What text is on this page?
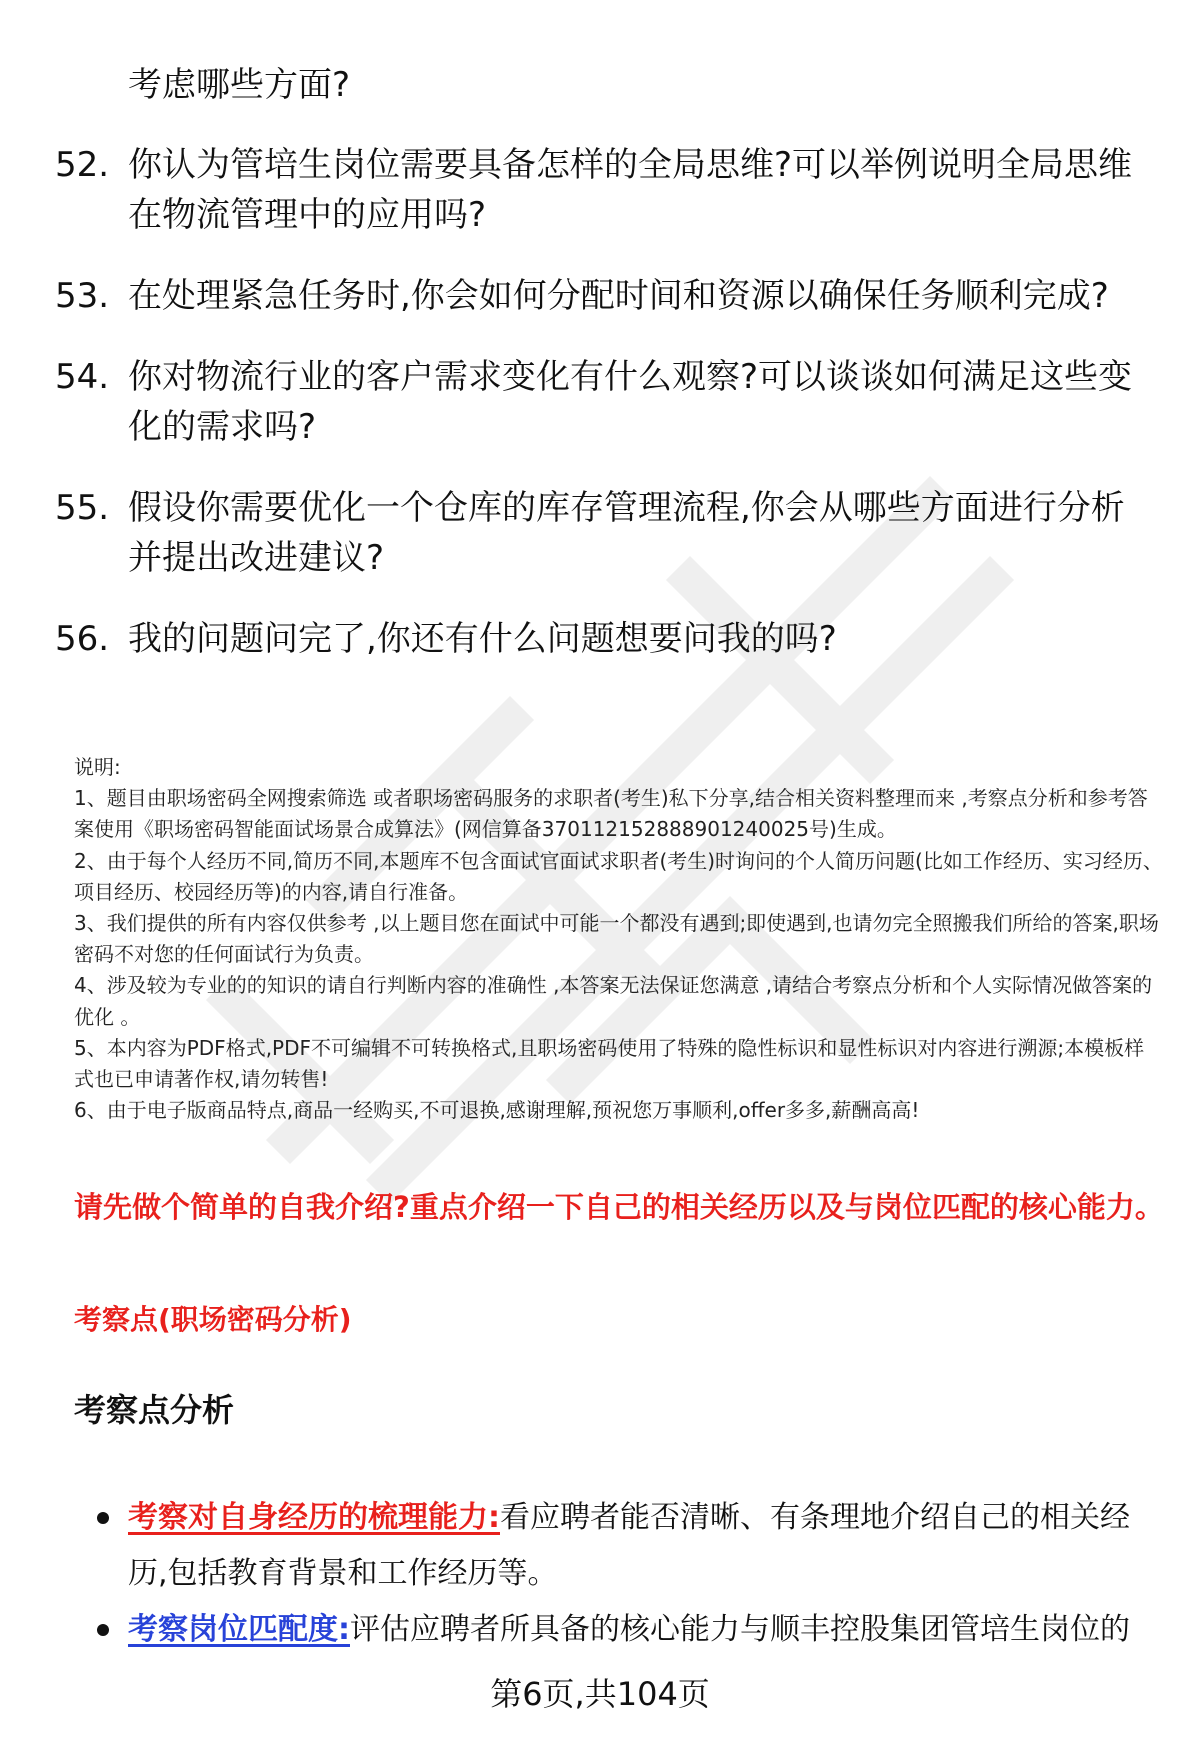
考虑哪些方面?
52. 你认为管培生岗位需要具备怎样的全局思维?可以举例说明全局思维在物流管理中的应用吗?
53. 在处理紧急任务时,你会如何分配时间和资源以确保任务顺利完成?
54. 你对物流行业的客户需求变化有什么观察?可以谈谈如何满足这些变化的需求吗?
55. 假设你需要优化一个仓库的库存管理流程,你会从哪些方面进行分析并提出改进建议?
56. 我的问题问完了,你还有什么问题想要问我的吗?

说明:

1、题目由职场密码全网搜索筛选 或者职场密码服务的求职者(考生)私下分享,结合相关资料整理而来 ,考察点分析和参考答案使用《职场密码智能面试场景合成算法》(网信算备370112152888901240025号)生成。

2、由于每个人经历不同,简历不同,本题库不包含面试官面试求职者(考生)时询问的个人简历问题(比如工作经历、实习经历、项目经历、校园经历等)的内容,请自行准备。

3、我们提供的所有内容仅供参考 ,以上题目您在面试中可能一个都没有遇到;即使遇到,也请勿完全照搬我们所给的答案,职场密码不对您的任何面试行为负责。

4、涉及较为专业的的知识的请自行判断内容的准确性 ,本答案无法保证您满意 ,请结合考察点分析和个人实际情况做答案的优化 。

5、本内容为PDF格式,PDF不可编辑不可转换格式,且职场密码使用了特殊的隐性标识和显性标识对内容进行溯源;本模板样式也已申请著作权,请勿转售!

6、由于电子版商品特点,商品一经购买,不可退换,感谢理解,预祝您万事顺利,offer多多,薪酬高高!

请先做个简单的自我介绍?重点介绍一下自己的相关经历以及与岗位匹配的核心能力。
考察点(职场密码分析)
考察点分析
考察对自身经历的梳理能力:看应聘者能否清晰、有条理地介绍自己的相关经历,包括教育背景和工作经历等。
考察岗位匹配度:评估应聘者所具备的核心能力与顺丰控股集团管培生岗位的
第6页,共104页
